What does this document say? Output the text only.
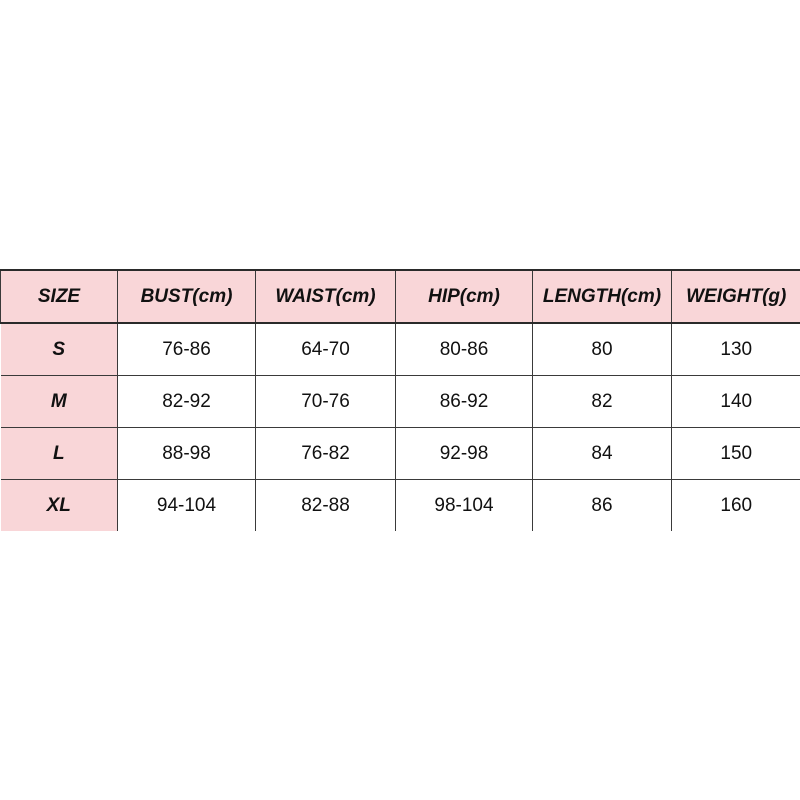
SIZE	BUST(cm)	WAIST(cm)	HIP(cm)	LENGTH(cm)	WEIGHT(g)
S	76-86	64-70	80-86	80	130
M	82-92	70-76	86-92	82	140
L	88-98	76-82	92-98	84	150
XL	94-104	82-88	98-104	86	160
